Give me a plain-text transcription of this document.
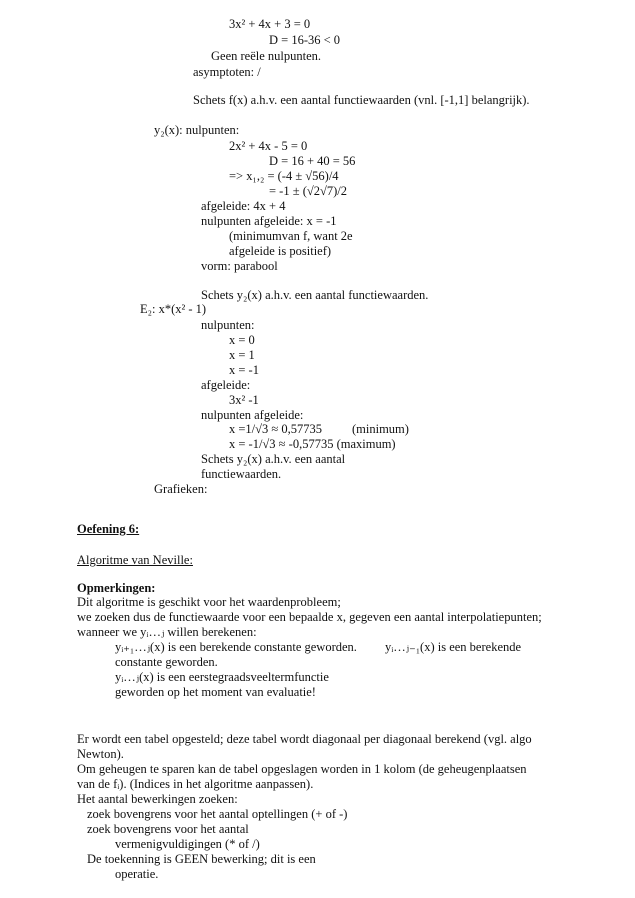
3x² + 4x + 3 = 0
D = 16-36 < 0
Geen reële nulpunten.
asymptoten: /
Schets f(x) a.h.v. een aantal functiewaarden (vnl. [-1,1] belangrijk).
y₂(x): nulpunten:
2x² + 4x - 5 = 0
D = 16 + 40 = 56
=> x₁,₂ = (-4 ± √56)/4
= -1 ± (√2√7)/2
afgeleide: 4x + 4
nulpunten afgeleide: x = -1
(minimumvan f, want 2e
afgeleide is positief)
vorm: parabool
Schets y₂(x) a.h.v. een aantal functiewaarden.
E₂: x*(x² - 1)
nulpunten:
x = 0
x = 1
x = -1
afgeleide:
3x² -1
nulpunten afgeleide:
x =1/√3 ≈ 0,57735 (minimum)
x = -1/√3 ≈ -0,57735 (maximum)
Schets y₂(x) a.h.v. een aantal
functiewaarden.
Grafieken:
Oefening 6:
Algoritme van Neville:
Opmerkingen:
Dit algoritme is geschikt voor het waardenprobleem;
we zoeken dus de functiewaarde voor een bepaalde x, gegeven een aantal interpolatiepunten;
wanneer we yᵢ…ⱼ willen berekenen:
yᵢ₊₁…ⱼ(x) is een berekende constante geworden. yᵢ…ⱼ₋₁(x) is een berekende
constante geworden.
yᵢ…ⱼ(x) is een eerstegraadsveeltermfunctie
geworden op het moment van evaluatie!
Er wordt een tabel opgesteld; deze tabel wordt diagonaal per diagonaal berekend (vgl. algo
Newton).
Om geheugen te sparen kan de tabel opgeslagen worden in 1 kolom (de geheugenplaatsen
van de fᵢ). (Indices in het algoritme aanpassen).
Het aantal bewerkingen zoeken:
zoek bovengrens voor het aantal optellingen (+ of -)
zoek bovengrens voor het aantal
vermenigvuldigingen (* of /)
De toekenning is GEEN bewerking; dit is een
operatie.
